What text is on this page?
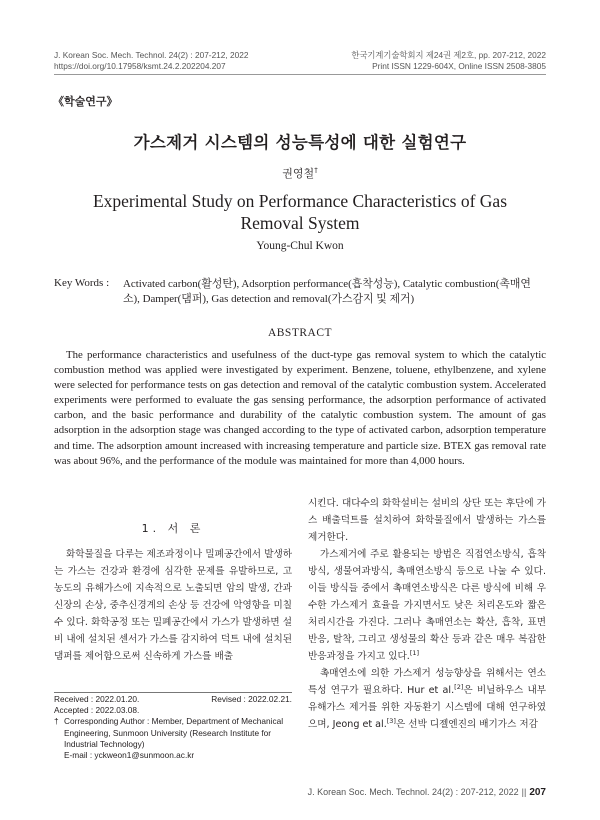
J. Korean Soc. Mech. Technol. 24(2) : 207-212, 2022
https://doi.org/10.17958/ksmt.24.2.202204.207
한국기계기술학회지 제24권 제2호, pp. 207-212, 2022
Print ISSN 1229-604X, Online ISSN 2508-3805
《학술연구》
가스제거 시스템의 성능특성에 대한 실험연구
권영철†
Experimental Study on Performance Characteristics of Gas Removal System
Young-Chul Kwon
Key Words : Activated carbon(활성탄), Adsorption performance(흡착성능), Catalytic combustion(촉매연소), Damper(댐퍼), Gas detection and removal(가스감지 및 제거)
ABSTRACT
The performance characteristics and usefulness of the duct-type gas removal system to which the catalytic combustion method was applied were investigated by experiment. Benzene, toluene, ethylbenzene, and xylene were selected for performance tests on gas detection and removal of the catalytic combustion system. Accelerated experiments were performed to evaluate the gas sensing performance, the adsorption performance of activated carbon, and the basic performance and durability of the catalytic combustion system. The amount of gas adsorption in the adsorption stage was changed according to the type of activated carbon, adsorption temperature and time. The adsorption amount increased with increasing temperature and particle size. BTEX gas removal rate was about 96%, and the performance of the module was maintained for more than 4,000 hours.
1. 서 론

화학물질을 다루는 제조과정이나 밀폐공간에서 발생하는 가스는 건강과 환경에 심각한 문제를 유발하므로, 고 농도의 유해가스에 지속적으로 노출되면 암의 발생, 간과 신장의 손상, 중추신경계의 손상 등 건강에 악영향을 미칠 수 있다. 화학공정 또는 밀폐공간에서 가스가 발생하면 설비 내에 설치된 센서가 가스를 감지하여 덕트 내에 설치된 댐퍼를 제어함으로써 신속하게 가스를 배출

시킨다. 대다수의 화학설비는 설비의 상단 또는 후단에 가스 배출덕트를 설치하여 화학물질에서 발생하는 가스를 제거한다.

가스제거에 주로 활용되는 방법은 직접연소방식, 흡착방식, 생물여과방식, 촉매연소방식 등으로 나눌 수 있다. 이들 방식들 중에서 촉매연소방식은 다른 방식에 비해 우수한 가스제거 효율을 가지면서도 낮은 처리온도와 짧은 처리시간을 가진다. 그러나 촉매연소는 확산, 흡착, 표면반응, 탈착, 그리고 생성물의 확산 등과 같은 매우 복잡한 반응과정을 가지고 있다.[1]

촉매연소에 의한 가스제거 성능향상을 위해서는 연소특성 연구가 필요하다. Hur et al.[2]은 비닐하우스 내부 유해가스 제거를 위한 자동환기 시스템에 대해 연구하였으며, Jeong et al.[3]은 선박 디젤엔진의 배기가스 저감

Received : 2022.01.20.	Revised : 2022.02.21.
Accepted : 2022.03.08.
† Corresponding Author : Member, Department of Mechanical Engineering, Sunmoon University (Research Institute for Industrial Technology)
E-mail : yckweon1@sunmoon.ac.kr
J. Korean Soc. Mech. Technol. 24(2) : 207-212, 2022 || 207
